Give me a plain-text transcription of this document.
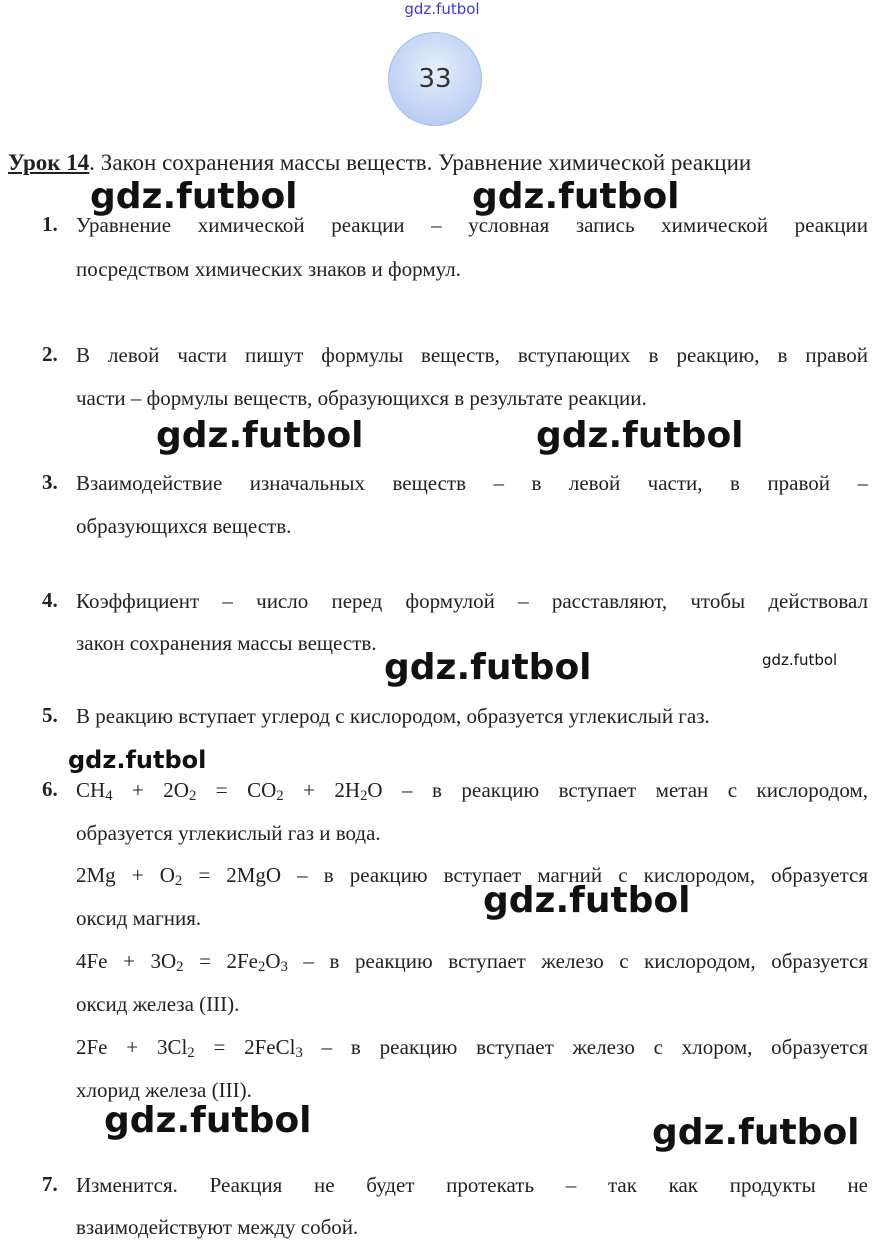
gdz.futbol
33
Урок 14. Закон сохранения массы веществ. Уравнение химической реакции
1. Уравнение химической реакции – условная запись химической реакции
посредством химических знаков и формул.
2. В левой части пишут формулы веществ, вступающих в реакцию, в правой
части – формулы веществ, образующихся в результате реакции.
3. Взаимодействие изначальных веществ – в левой части, в правой –
образующихся веществ.
4. Коэффициент – число перед формулой – расставляют, чтобы действовал
закон сохранения массы веществ.
5. В реакцию вступает углерод с кислородом, образуется углекислый газ.
6. $CH_4 + 2O_2 = CO_2 + 2H_2O - в$ реакцию вступает метан с кислородом,
образуется углекислый газ и вода.
$2Mg + O_2 = 2MgO - в$ реакцию вступает магний с кислородом, образуется
оксид магния.
$4Fe + 3O_2 = 2Fe_2O_3 - в$ реакцию вступает железо с кислородом, образуется
оксид железа (III).
$2Fe + 3Cl_2$ = 2FeCl$_3$ – в реакцию вступает железо с хлором, образуется
хлорид железа (III).
7. Изменится. Реакция не будет протекать – так как продукты не
взаимодействуют между собой.
gdz.futbol	gdz.futbol
gdz.futbol	gdz.futbol
gdz.futbol	gdz.futbol
gdz.futbol
gdz.futbol
gdz.futbol	gdz.futbol
